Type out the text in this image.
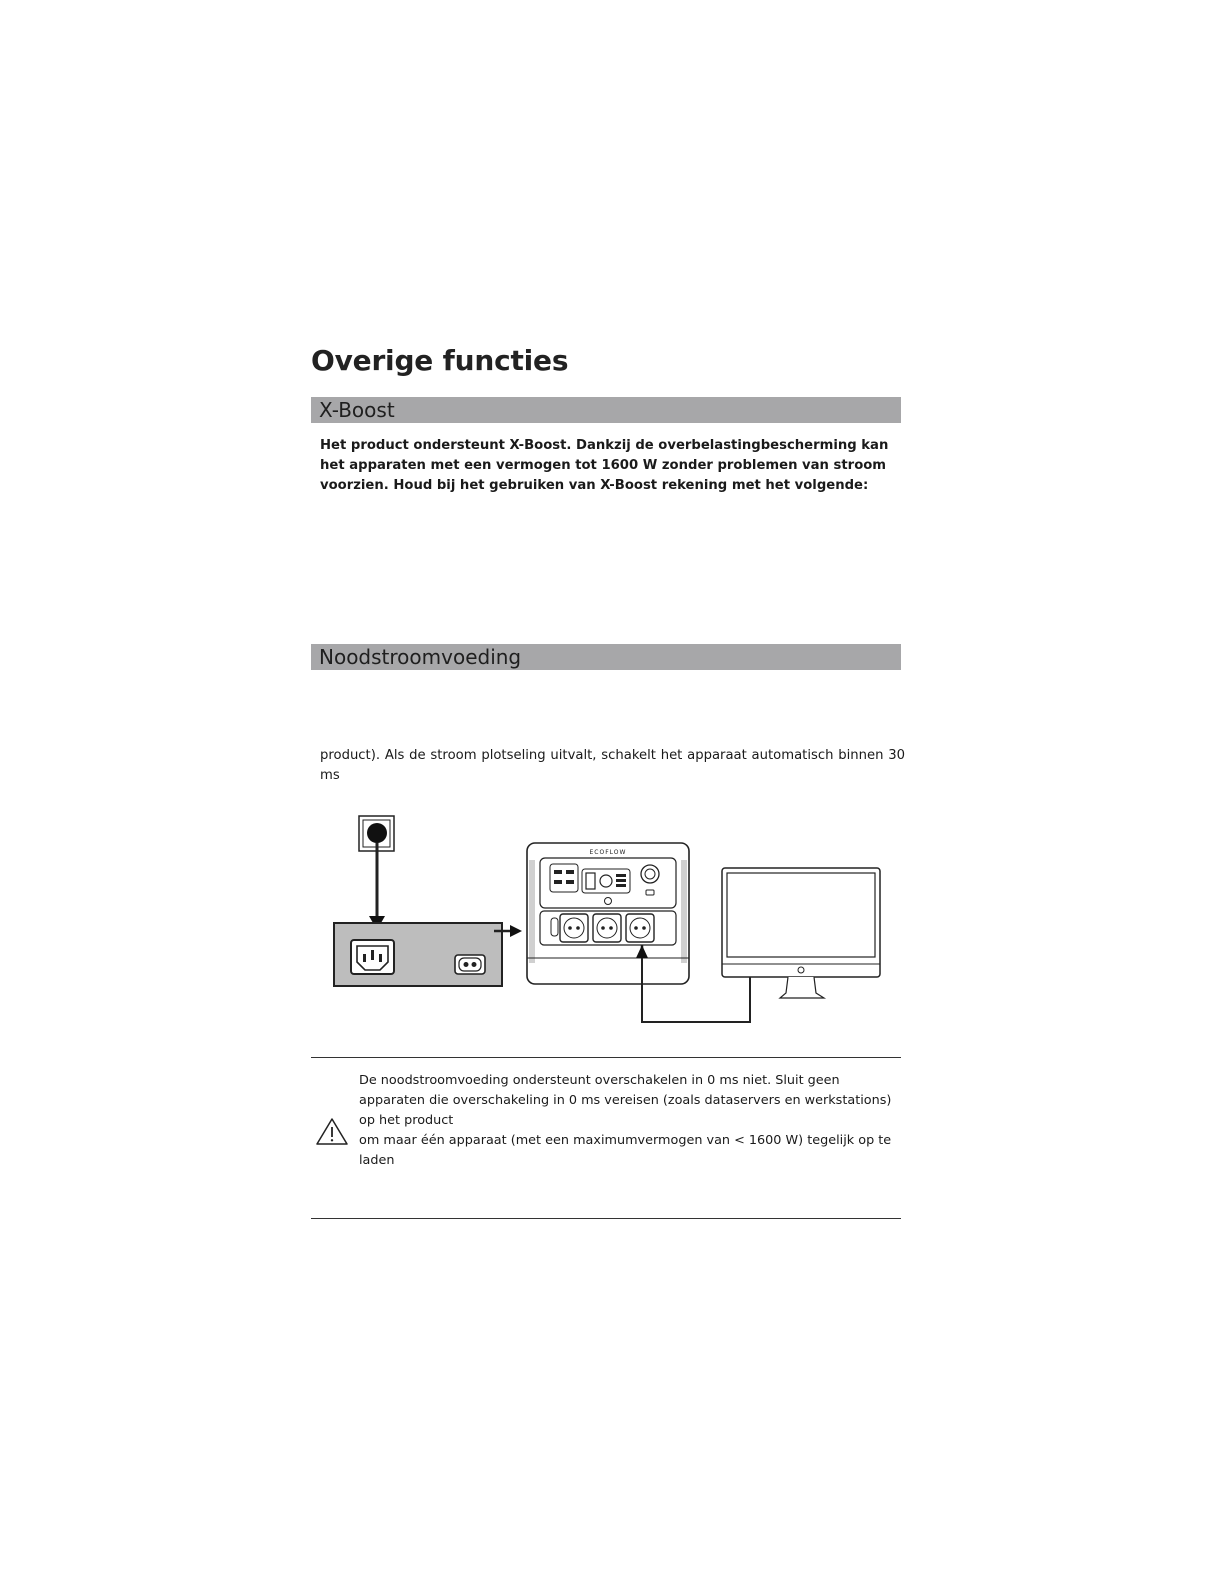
Overige functies
X-Boost

Het product ondersteunt X-Boost. Dankzij de overbelastingbescherming kan het apparaten met een vermogen tot 1600 W zonder problemen van stroom voorzien. Houd bij het gebruiken van X-Boost rekening met het volgende:

Noodstroomvoeding

product). Als de stroom plotseling uitvalt, schakelt het apparaat automatisch binnen 30 ms

ECOFLOW

De noodstroomvoeding ondersteunt overschakelen in 0 ms niet. Sluit geen apparaten die overschakeling in 0 ms vereisen (zoals dataservers en werkstations) op het product

om maar één apparaat (met een maximumvermogen van < 1600 W) tegelijk op te laden
